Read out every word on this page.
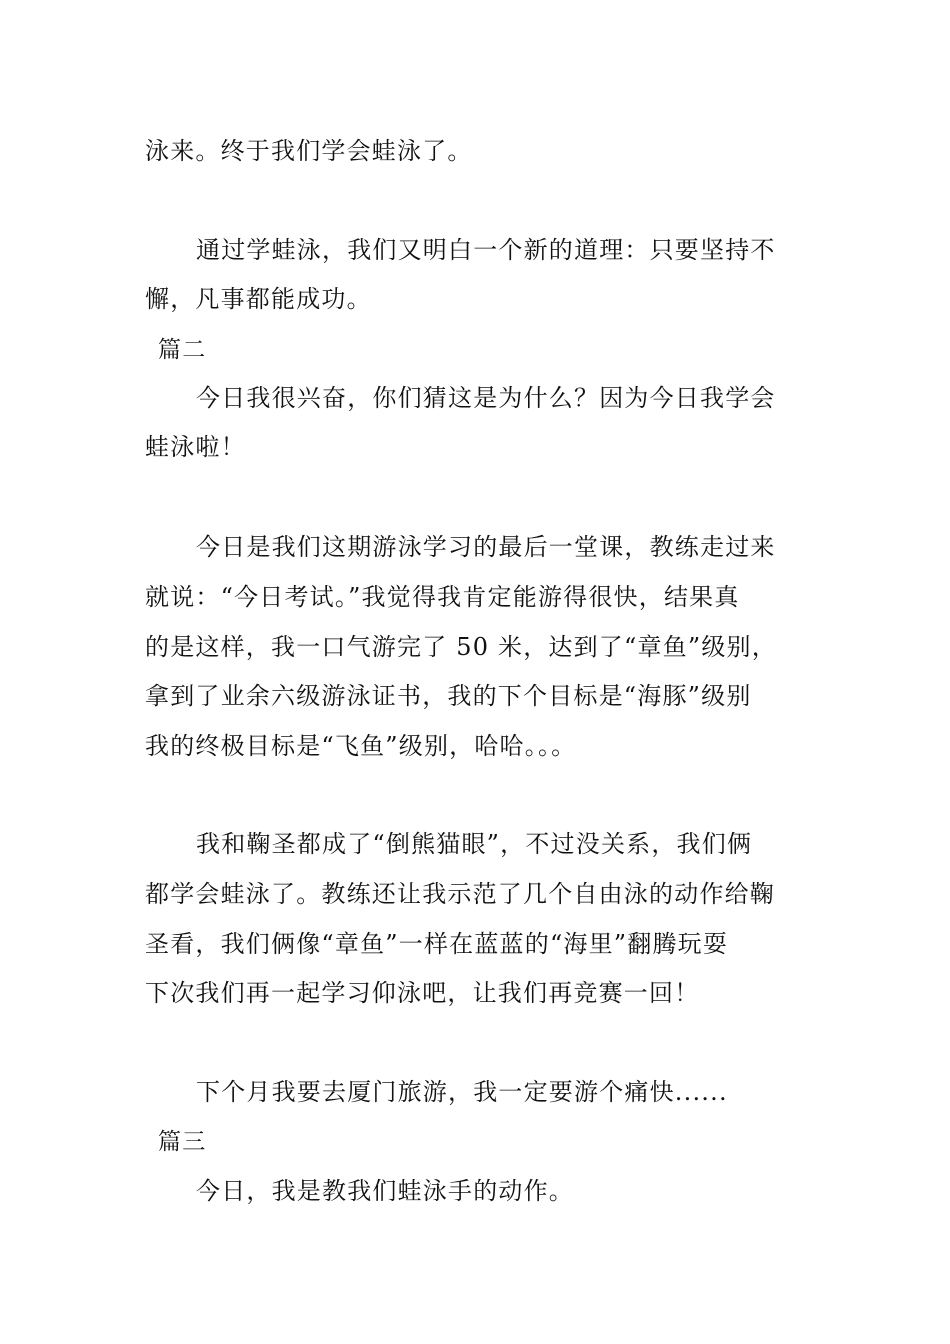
泳来。终于我们学会蛙泳了。
通过学蛙泳，我们又明白一个新的道理：只要坚持不
懈，凡事都能成功。
篇二
今日我很兴奋，你们猜这是为什么？因为今日我学会
蛙泳啦！
今日是我们这期游泳学习的最后一堂课，教练走过来
就说：“今日考试。”我觉得我肯定能游得很快，结果真
的是这样，我一口气游完了 50 米，达到了“章鱼”级别，
拿到了业余六级游泳证书，我的下个目标是“海豚”级别
我的终极目标是“飞鱼”级别，哈哈。。。
我和鞠圣都成了“倒熊猫眼”，不过没关系，我们俩
都学会蛙泳了。教练还让我示范了几个自由泳的动作给鞠
圣看，我们俩像“章鱼”一样在蓝蓝的“海里”翻腾玩耍
下次我们再一起学习仰泳吧，让我们再竞赛一回！
下个月我要去厦门旅游，我一定要游个痛快......
篇三
今日，我是教我们蛙泳手的动作。
